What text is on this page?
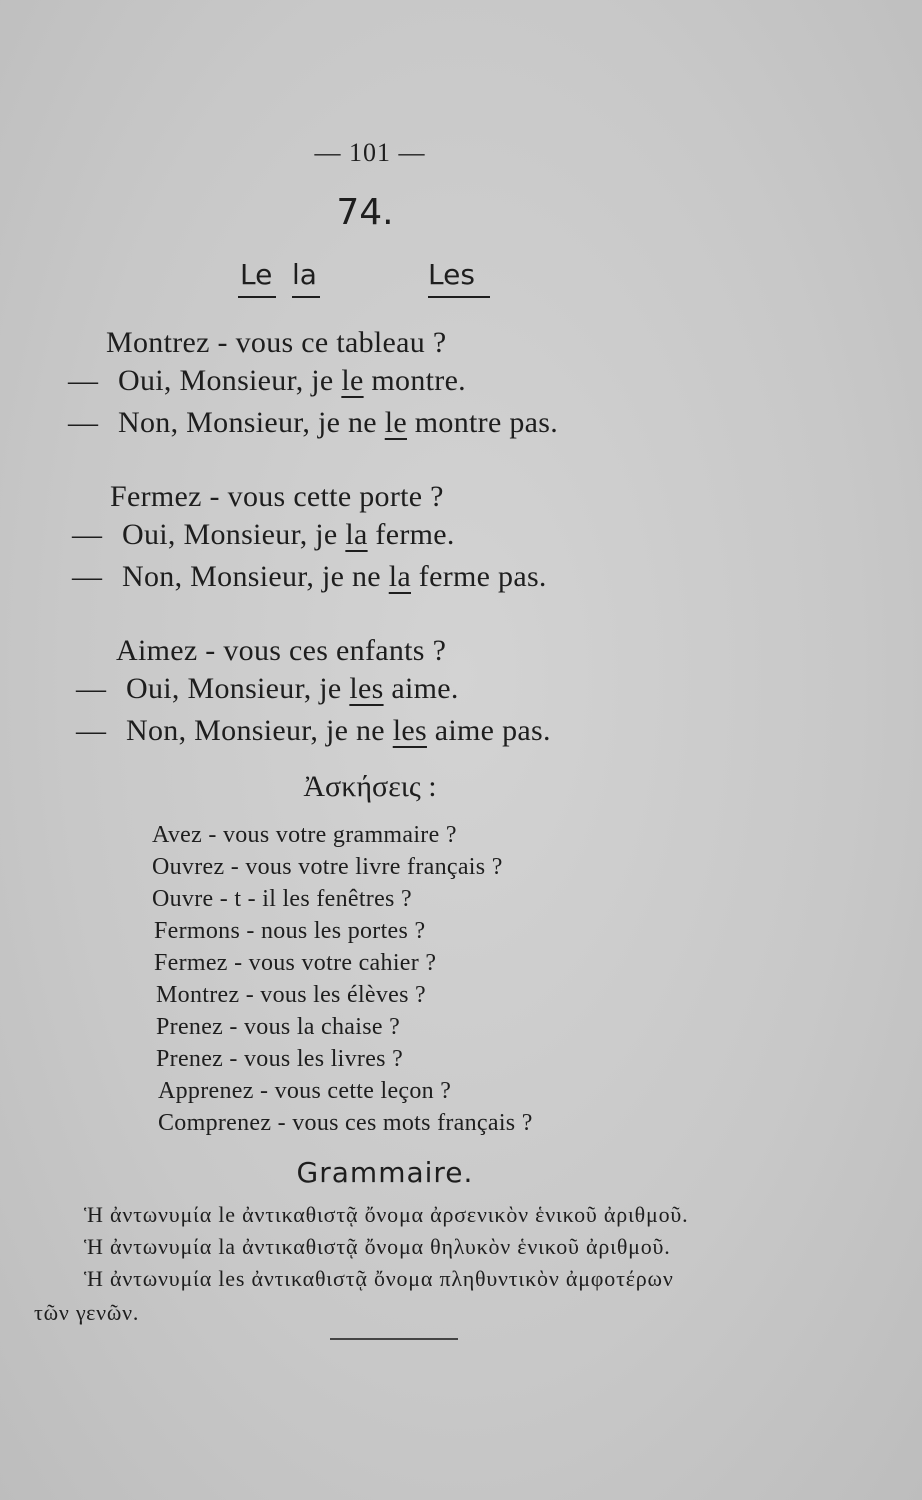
— 101 —
74.
Le la	Les
Montrez - vous ce tableau ?
— Oui, Monsieur, je le montre.
— Non, Monsieur, je ne le montre pas.
Fermez - vous cette porte ?
— Oui, Monsieur, je la ferme.
— Non, Monsieur, je ne la ferme pas.
Aimez - vous ces enfants ?
— Oui, Monsieur, je les aime.
— Non, Monsieur, je ne les aime pas.
Ἀσκήσεις :
Avez - vous votre grammaire ?
Ouvrez - vous votre livre français ?
Ouvre - t - il les fenêtres ?
Fermons - nous les portes ?
Fermez - vous votre cahier ?
Montrez - vous les élèves ?
Prenez - vous la chaise ?
Prenez - vous les livres ?
Apprenez - vous cette leçon ?
Comprenez - vous ces mots français ?
Grammaire.
Ἡ ἀντωνυμία le ἀντικαθιστᾷ ὄνομα ἀρσενικὸν ἑνικοῦ ἀριθμοῦ.
Ἡ ἀντωνυμία la ἀντικαθιστᾷ ὄνομα θηλυκὸν ἑνικοῦ ἀριθμοῦ.
Ἡ ἀντωνυμία les ἀντικαθιστᾷ ὄνομα πληθυντικὸν ἀμφοτέρων
τῶν γενῶν.
